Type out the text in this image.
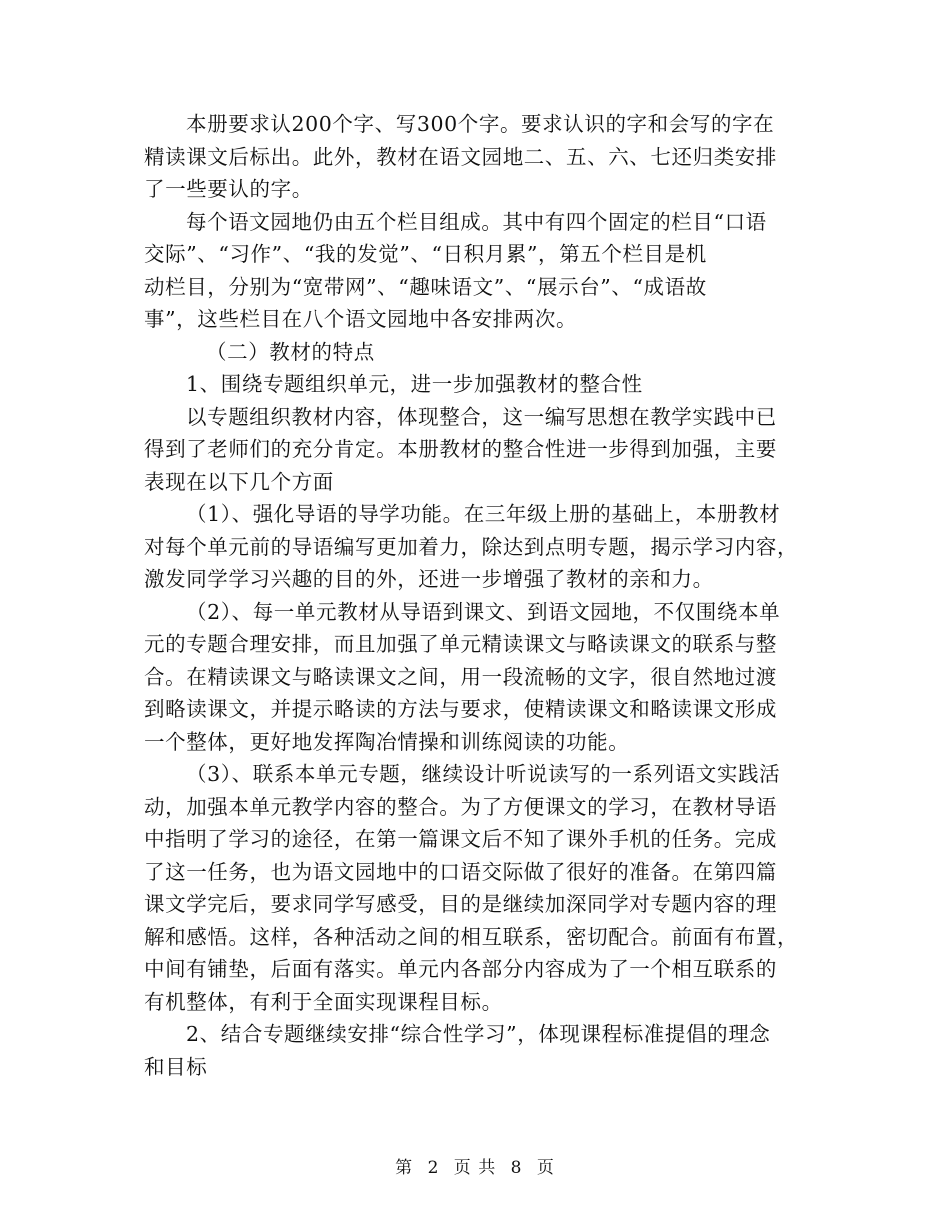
本册要求认200个字、写300个字。要求认识的字和会写的字在
精读课文后标出。此外，教材在语文园地二、五、六、七还归类安排
了一些要认的字。
每个语文园地仍由五个栏目组成。其中有四个固定的栏目“口语
交际”、“习作”、“我的发觉”、“日积月累”，第五个栏目是机
动栏目，分别为“宽带网”、“趣味语文”、“展示台”、“成语故
事”，这些栏目在八个语文园地中各安排两次。
（二）教材的特点
1、围绕专题组织单元，进一步加强教材的整合性
以专题组织教材内容，体现整合，这一编写思想在教学实践中已
得到了老师们的充分肯定。本册教材的整合性进一步得到加强，主要
表现在以下几个方面
（1）、强化导语的导学功能。在三年级上册的基础上，本册教材
对每个单元前的导语编写更加着力，除达到点明专题，揭示学习内容，
激发同学学习兴趣的目的外，还进一步增强了教材的亲和力。
（2）、每一单元教材从导语到课文、到语文园地，不仅围绕本单
元的专题合理安排，而且加强了单元精读课文与略读课文的联系与整
合。在精读课文与略读课文之间，用一段流畅的文字，很自然地过渡
到略读课文，并提示略读的方法与要求，使精读课文和略读课文形成
一个整体，更好地发挥陶冶情操和训练阅读的功能。
（3）、联系本单元专题，继续设计听说读写的一系列语文实践活
动，加强本单元教学内容的整合。为了方便课文的学习，在教材导语
中指明了学习的途径，在第一篇课文后不知了课外手机的任务。完成
了这一任务，也为语文园地中的口语交际做了很好的准备。在第四篇
课文学完后，要求同学写感受，目的是继续加深同学对专题内容的理
解和感悟。这样，各种活动之间的相互联系，密切配合。前面有布置，
中间有铺垫，后面有落实。单元内各部分内容成为了一个相互联系的
有机整体，有利于全面实现课程目标。
2、结合专题继续安排“综合性学习”，体现课程标准提倡的理念
和目标
第 2 页 共 8 页
